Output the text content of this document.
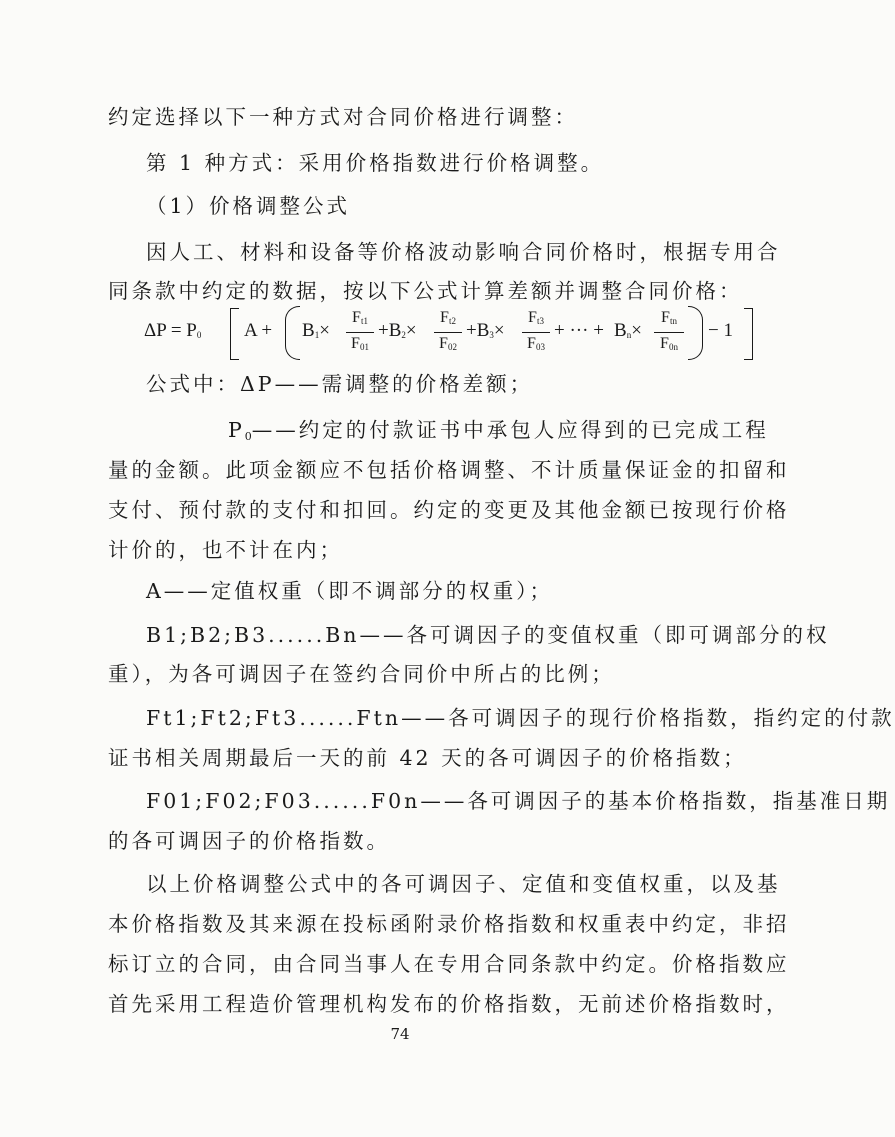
约定选择以下一种方式对合同价格进行调整：
第 1 种方式：采用价格指数进行价格调整。
（1）价格调整公式
因人工、材料和设备等价格波动影响合同价格时，根据专用合
同条款中约定的数据，按以下公式计算差额并调整合同价格：
ΔP = P0 A + B1×
Ft1
F01
+B2×
Ft2
F02
+B3×
Ft3
F03
+ ··· + Bn×
Ftn
F0n
− 1
公式中：ΔP——需调整的价格差额；
$P_0——$约定的付款证书中承包人应得到的已完成工程
量的金额。此项金额应不包括价格调整、不计质量保证金的扣留和
支付、预付款的支付和扣回。约定的变更及其他金额已按现行价格
计价的，也不计在内；
A——定值权重（即不调部分的权重）；
B1;B2;B3......Bn——各可调因子的变值权重（即可调部分的权
重），为各可调因子在签约合同价中所占的比例；
Ft1;Ft2;Ft3......Ftn——各可调因子的现行价格指数，指约定的付款
证书相关周期最后一天的前 42 天的各可调因子的价格指数；
F01;F02;F03......F0n——各可调因子的基本价格指数，指基准日期
的各可调因子的价格指数。
以上价格调整公式中的各可调因子、定值和变值权重，以及基
本价格指数及其来源在投标函附录价格指数和权重表中约定，非招
标订立的合同，由合同当事人在专用合同条款中约定。价格指数应
首先采用工程造价管理机构发布的价格指数，无前述价格指数时，
74
